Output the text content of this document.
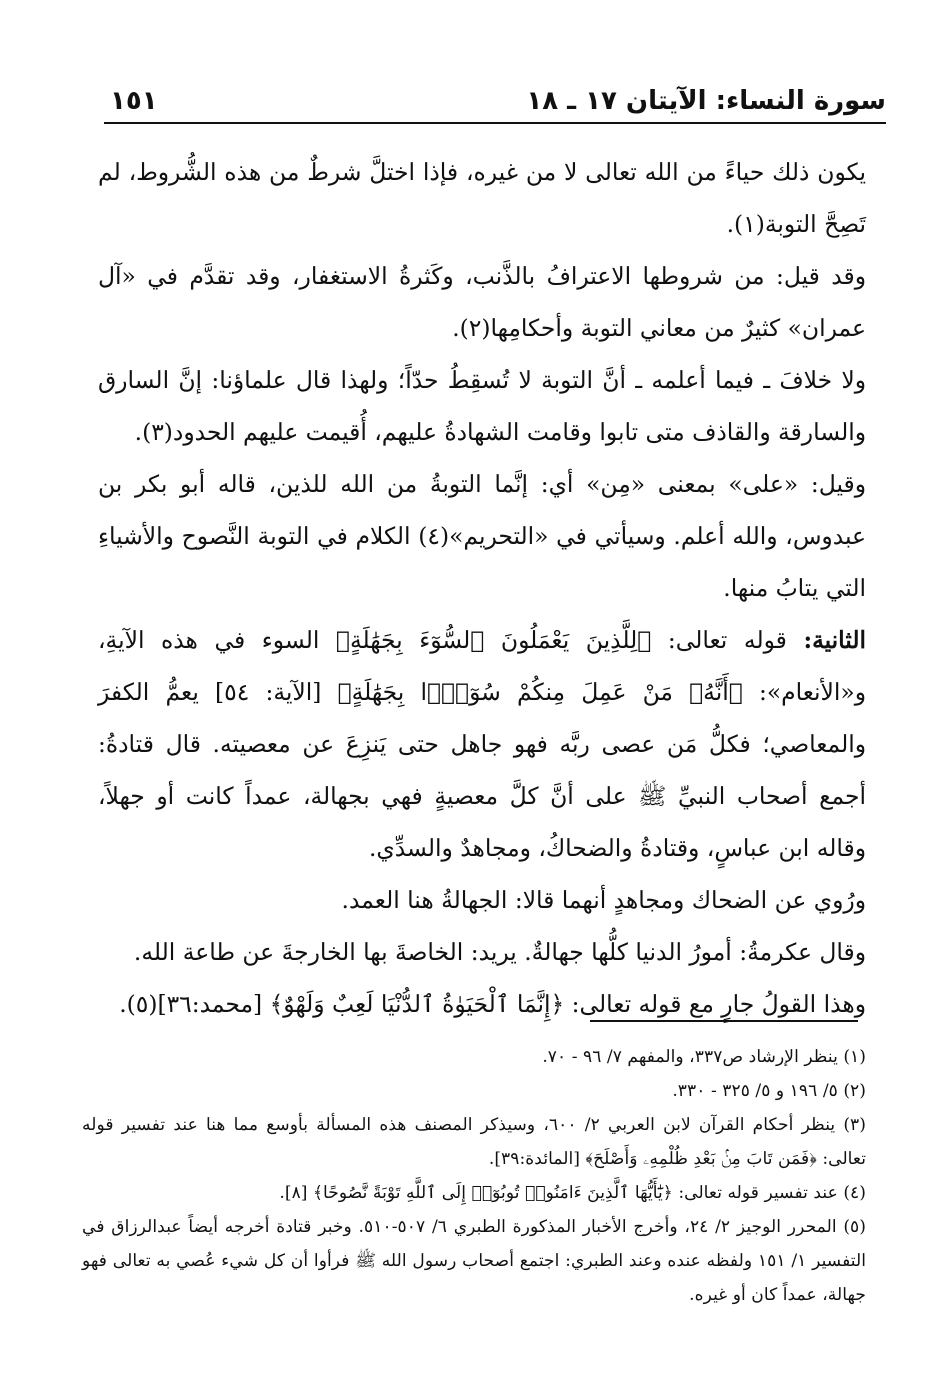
سورة النساء: الآيتان ١٧ ـ ١٨
١٥١

يكون ذلك حياءً من الله تعالى لا من غيره، فإذا اختلَّ شرطٌ من هذه الشُّروط، لم تَصِحَّ التوبة(١).

وقد قيل: من شروطها الاعترافُ بالذَّنب، وكَثرةُ الاستغفار، وقد تقدَّم في «آل عمران» كثيرٌ من معاني التوبة وأحكامِها(٢).

ولا خلافَ ـ فيما أعلمه ـ أنَّ التوبة لا تُسقِطُ حدّاً؛ ولهذا قال علماؤنا: إنَّ السارق والسارقة والقاذف متى تابوا وقامت الشهادةُ عليهم، أُقيمت عليهم الحدود(٣).

وقيل: «على» بمعنى «مِن» أي: إنَّما التوبةُ من الله للذين، قاله أبو بكر بن عبدوس، والله أعلم. وسيأتي في «التحريم»(٤) الكلام في التوبة النَّصوح والأشياءِ التي يتابُ منها.

الثانية: قوله تعالى: ﴿لِلَّذِينَ يَعْمَلُونَ ٱلسُّوٓءَ بِجَهَٰلَةٍ﴾ السوء في هذه الآيةِ، و«الأنعام»: ﴿أَنَّهُۥ مَنْ عَمِلَ مِنكُمْ سُوٓءًۢا بِجَهَٰلَةٍ﴾ [الآية: ٥٤] يعمُّ الكفرَ والمعاصي؛ فكلُّ مَن عصى ربَّه فهو جاهل حتى يَنزِعَ عن معصيته. قال قتادةُ: أجمع أصحاب النبيِّ ﷺ على أنَّ كلَّ معصيةٍ فهي بجهالة، عمداً كانت أو جهلاً، وقاله ابن عباسٍ، وقتادةُ والضحاكُ، ومجاهدٌ والسدِّي.

ورُوي عن الضحاك ومجاهدٍ أنهما قالا: الجهالةُ هنا العمد.

وقال عكرمةُ: أمورُ الدنيا كلُّها جهالةٌ. يريد: الخاصةَ بها الخارجةَ عن طاعة الله.

وهذا القولُ جارٍ مع قوله تعالى: ﴿إِنَّمَا ٱلْحَيَوٰةُ ٱلدُّنْيَا لَعِبٌ وَلَهْوٌ﴾ [محمد:٣٦](٥).

(١) ينظر الإرشاد ص٣٣٧، والمفهم ٧/ ٩٦ - ٧٠.

(٢) ٥/ ١٩٦ و ٥/ ٣٢٥ - ٣٣٠.

(٣) ينظر أحكام القرآن لابن العربي ٢/ ٦٠٠، وسيذكر المصنف هذه المسألة بأوسع مما هنا عند تفسير قوله تعالى: ﴿فَمَن تَابَ مِنۢ بَعْدِ ظُلْمِهِۦ وَأَصْلَحَ﴾ [المائدة:٣٩].

(٤) عند تفسير قوله تعالى: ﴿يَٰٓأَيُّهَا ٱلَّذِينَ ءَامَنُوا۟ تُوبُوٓا۟ إِلَى ٱللَّهِ تَوْبَةً نَّصُوحًا﴾ [٨].

(٥) المحرر الوجيز ٢/ ٢٤، وأخرج الأخبار المذكورة الطبري ٦/ ٥٠٧-٥١٠. وخبر قتادة أخرجه أيضاً عبدالرزاق في التفسير ١/ ١٥١ ولفظه عنده وعند الطبري: اجتمع أصحاب رسول الله ﷺ فرأوا أن كل شيء عُصي به تعالى فهو جهالة، عمداً كان أو غيره.
